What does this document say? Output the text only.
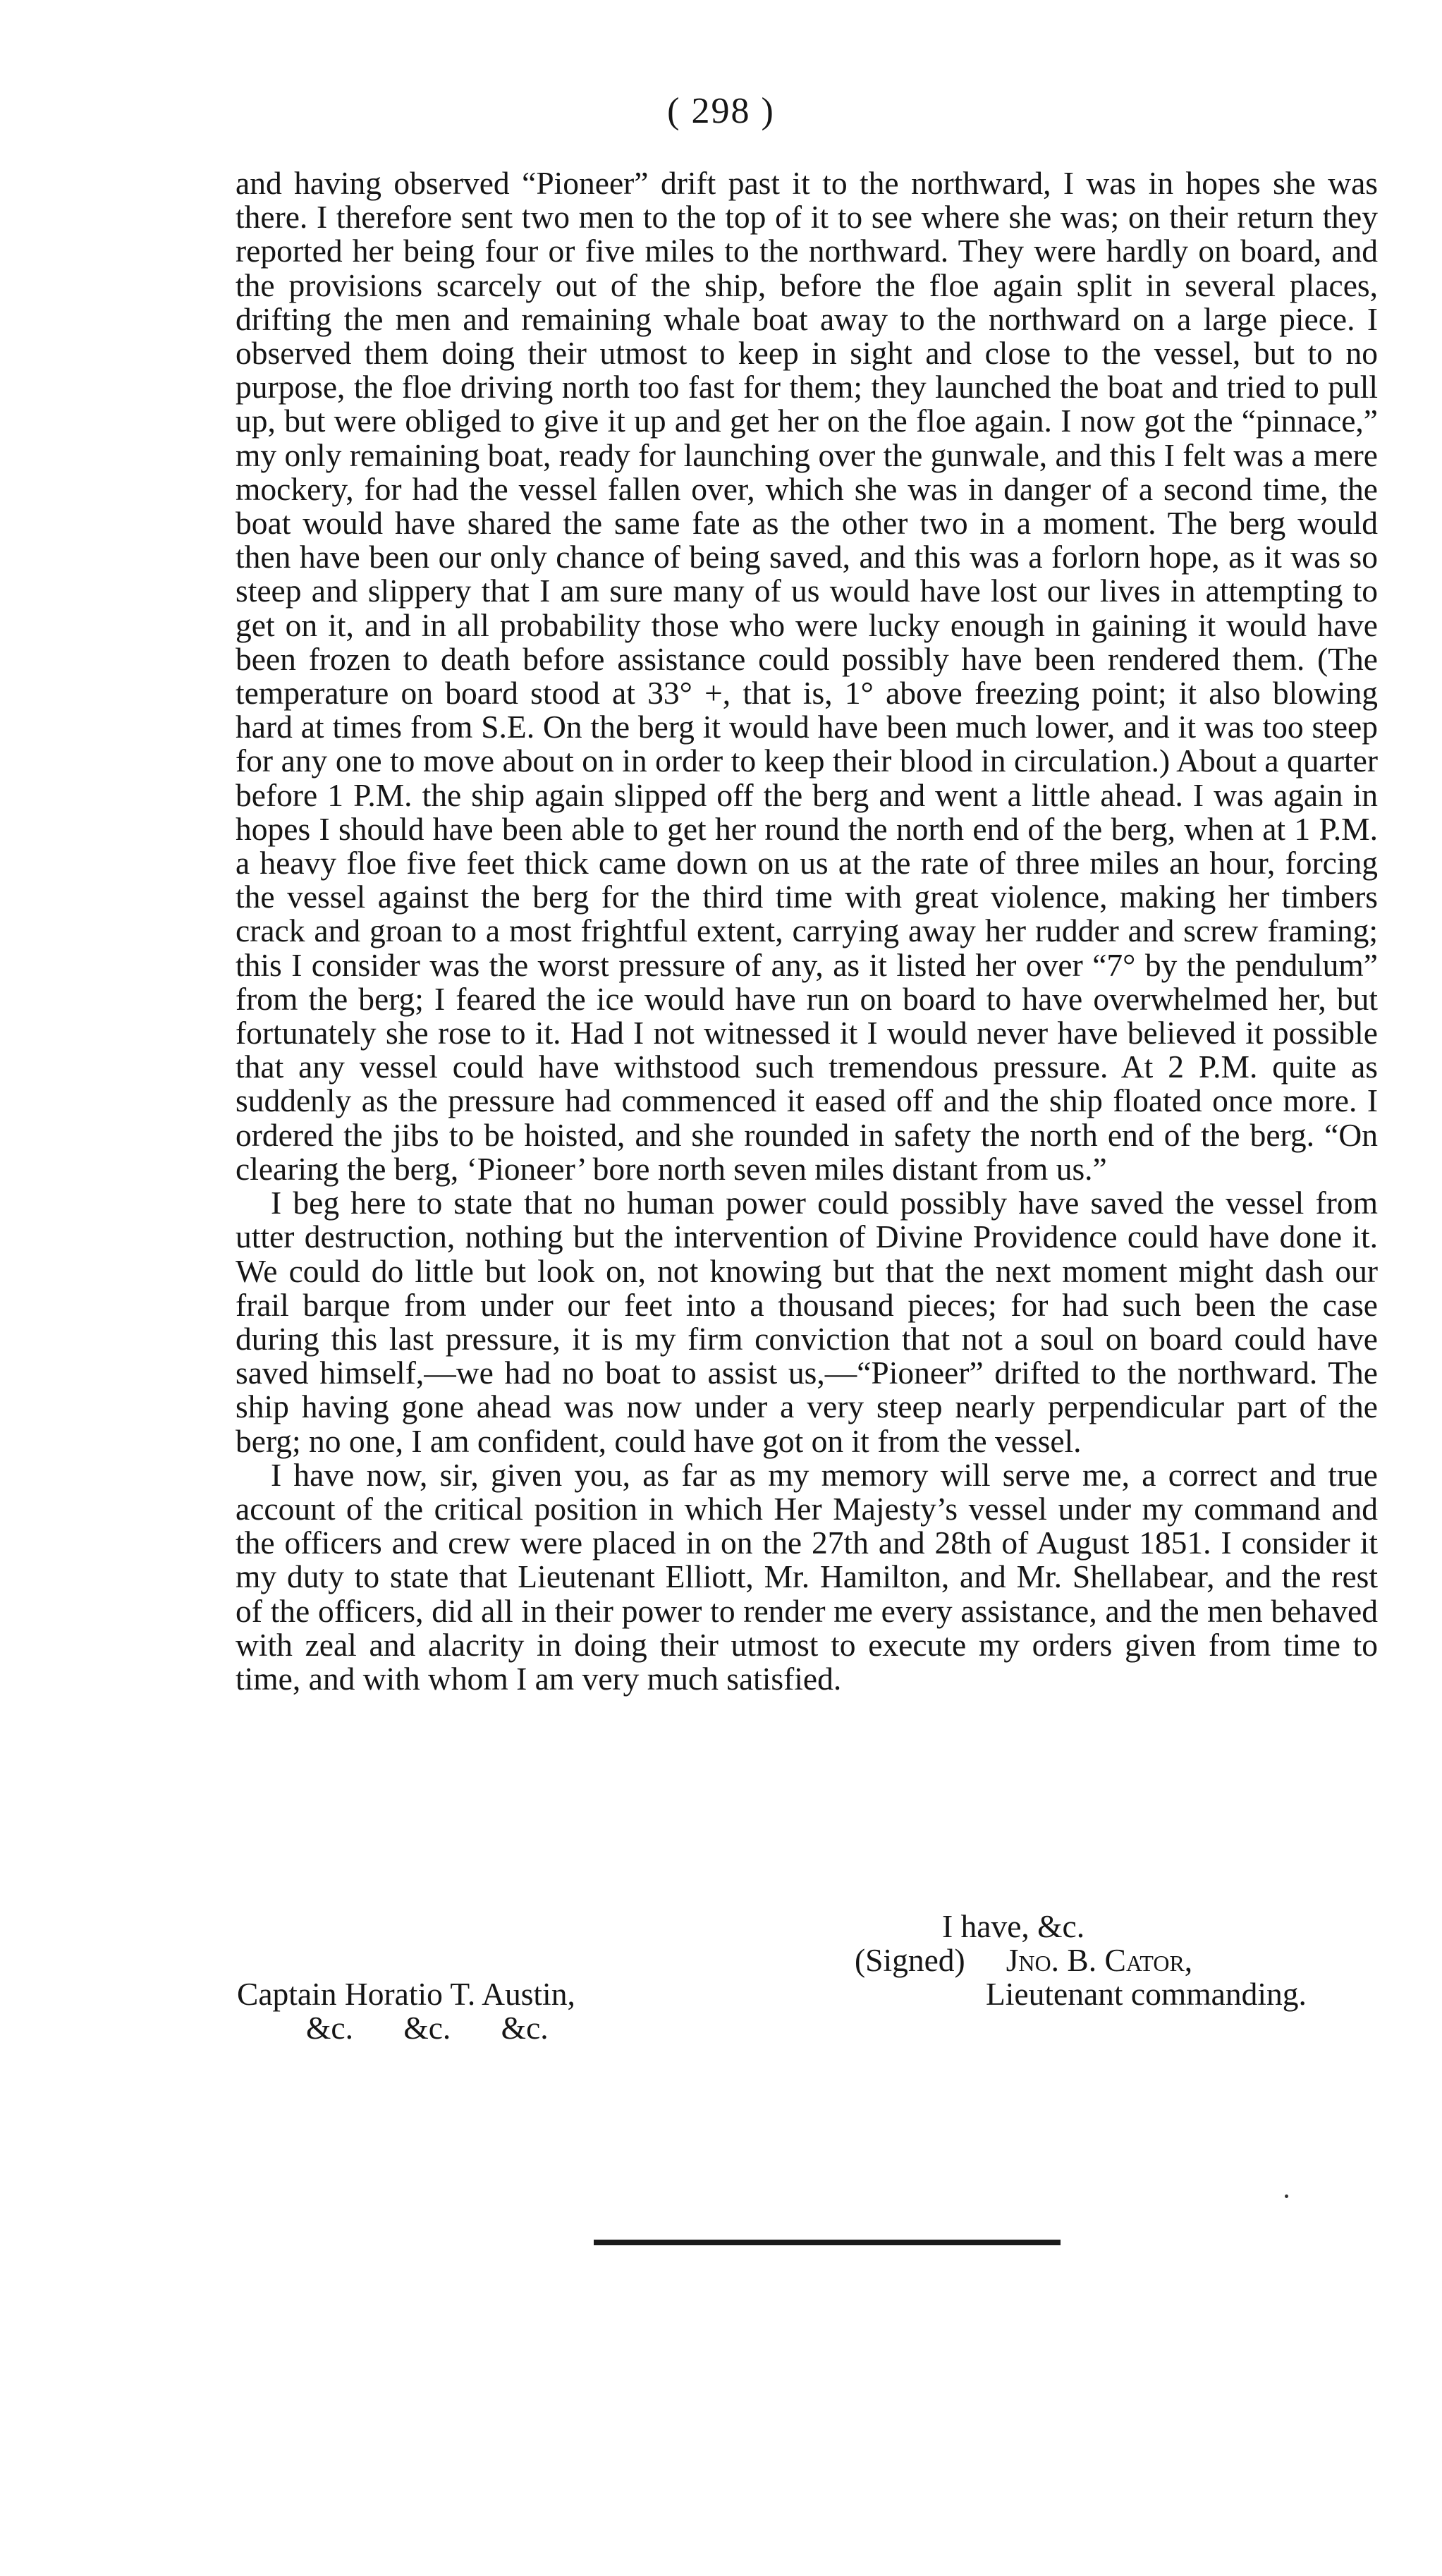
( 298 )

and having observed “Pioneer” drift past it to the northward, I was in hopes she was there. I therefore sent two men to the top of it to see where she was; on their return they reported her being four or five miles to the northward. They were hardly on board, and the provisions scarcely out of the ship, before the floe again split in several places, drifting the men and remaining whale boat away to the northward on a large piece. I observed them doing their utmost to keep in sight and close to the vessel, but to no purpose, the floe driving north too fast for them; they launched the boat and tried to pull up, but were obliged to give it up and get her on the floe again. I now got the “pinnace,” my only remaining boat, ready for launching over the gunwale, and this I felt was a mere mockery, for had the vessel fallen over, which she was in danger of a second time, the boat would have shared the same fate as the other two in a moment. The berg would then have been our only chance of being saved, and this was a forlorn hope, as it was so steep and slippery that I am sure many of us would have lost our lives in attempting to get on it, and in all probability those who were lucky enough in gaining it would have been frozen to death before assistance could possibly have been rendered them. (The temperature on board stood at 33° +, that is, 1° above freezing point; it also blowing hard at times from S.E. On the berg it would have been much lower, and it was too steep for any one to move about on in order to keep their blood in circulation.) About a quarter before 1 P.M. the ship again slipped off the berg and went a little ahead. I was again in hopes I should have been able to get her round the north end of the berg, when at 1 P.M. a heavy floe five feet thick came down on us at the rate of three miles an hour, forcing the vessel against the berg for the third time with great violence, making her timbers crack and groan to a most frightful extent, carrying away her rudder and screw framing; this I consider was the worst pressure of any, as it listed her over “7° by the pendulum” from the berg; I feared the ice would have run on board to have overwhelmed her, but fortunately she rose to it. Had I not witnessed it I would never have believed it possible that any vessel could have withstood such tremendous pressure. At 2 P.M. quite as suddenly as the pressure had commenced it eased off and the ship floated once more. I ordered the jibs to be hoisted, and she rounded in safety the north end of the berg. “On clearing the berg, ‘Pioneer’ bore north seven miles distant from us.”

I beg here to state that no human power could possibly have saved the vessel from utter destruction, nothing but the intervention of Divine Providence could have done it. We could do little but look on, not knowing but that the next moment might dash our frail barque from under our feet into a thousand pieces; for had such been the case during this last pressure, it is my firm conviction that not a soul on board could have saved himself,—we had no boat to assist us,—“Pioneer” drifted to the northward. The ship having gone ahead was now under a very steep nearly perpendicular part of the berg; no one, I am confident, could have got on it from the vessel.

I have now, sir, given you, as far as my memory will serve me, a correct and true account of the critical position in which Her Majesty’s vessel under my command and the officers and crew were placed in on the 27th and 28th of August 1851. I consider it my duty to state that Lieutenant Elliott, Mr. Hamilton, and Mr. Shellabear, and the rest of the officers, did all in their power to render me every assistance, and the men behaved with zeal and alacrity in doing their utmost to execute my orders given from time to time, and with whom I am very much satisfied.

I have, &c.
(Signed) Jno. B. Cator,
Lieutenant commanding.
Captain Horatio T. Austin,
&c. &c. &c.
